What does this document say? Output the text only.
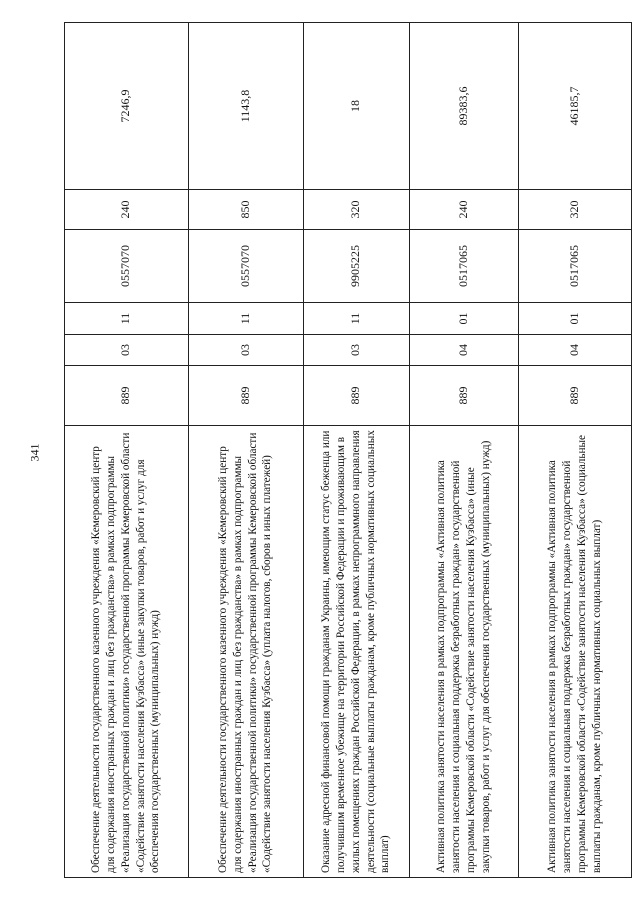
341	Обеспечение деятельности государственного казенного учреждения «Кемеровский центр для содержания иностранных граждан и лиц без гражданства» в рамках подпрограммы «Реализация государственной политики» государственной программы Кемеровской области «Содействие занятости населения Кузбасса» (иные закупки товаров, работ и услуг для обеспечения государственных (муниципальных) нужд)	889	03	11	0557070	240	7246,9
Обеспечение деятельности государственного казенного учреждения «Кемеровский центр для содержания иностранных граждан и лиц без гражданства» в рамках подпрограммы «Реализация государственной политики» государственной программы Кемеровской области «Содействие занятости населения Кузбасса» (уплата налогов, сборов и иных платежей)	889	03	11	0557070	850	1143,8
Оказание адресной финансовой помощи гражданам Украины, имеющим статус беженца или получившим временное убежище на территории Российской Федерации и проживающим в жилых помещениях граждан Российской Федерации, в рамках непрограммного направления деятельности (социальные выплаты гражданам, кроме публичных нормативных социальных выплат)	889	03	11	9905225	320	18
Активная политика занятости населения в рамках подпрограммы «Активная политика занятости населения и социальная поддержка безработных граждан» государственной программы Кемеровской области «Содействие занятости населения Кузбасса» (иные закупки товаров, работ и услуг для обеспечения государственных (муниципальных) нужд)	889	04	01	0517065	240	89383,6
Активная политика занятости населения в рамках подпрограммы «Активная политика занятости населения и социальная поддержка безработных граждан» государственной программы Кемеровской области «Содействие занятости населения Кузбасса» (социальные выплаты гражданам, кроме публичных нормативных социальных выплат)	889	04	01	0517065	320	46185,7
